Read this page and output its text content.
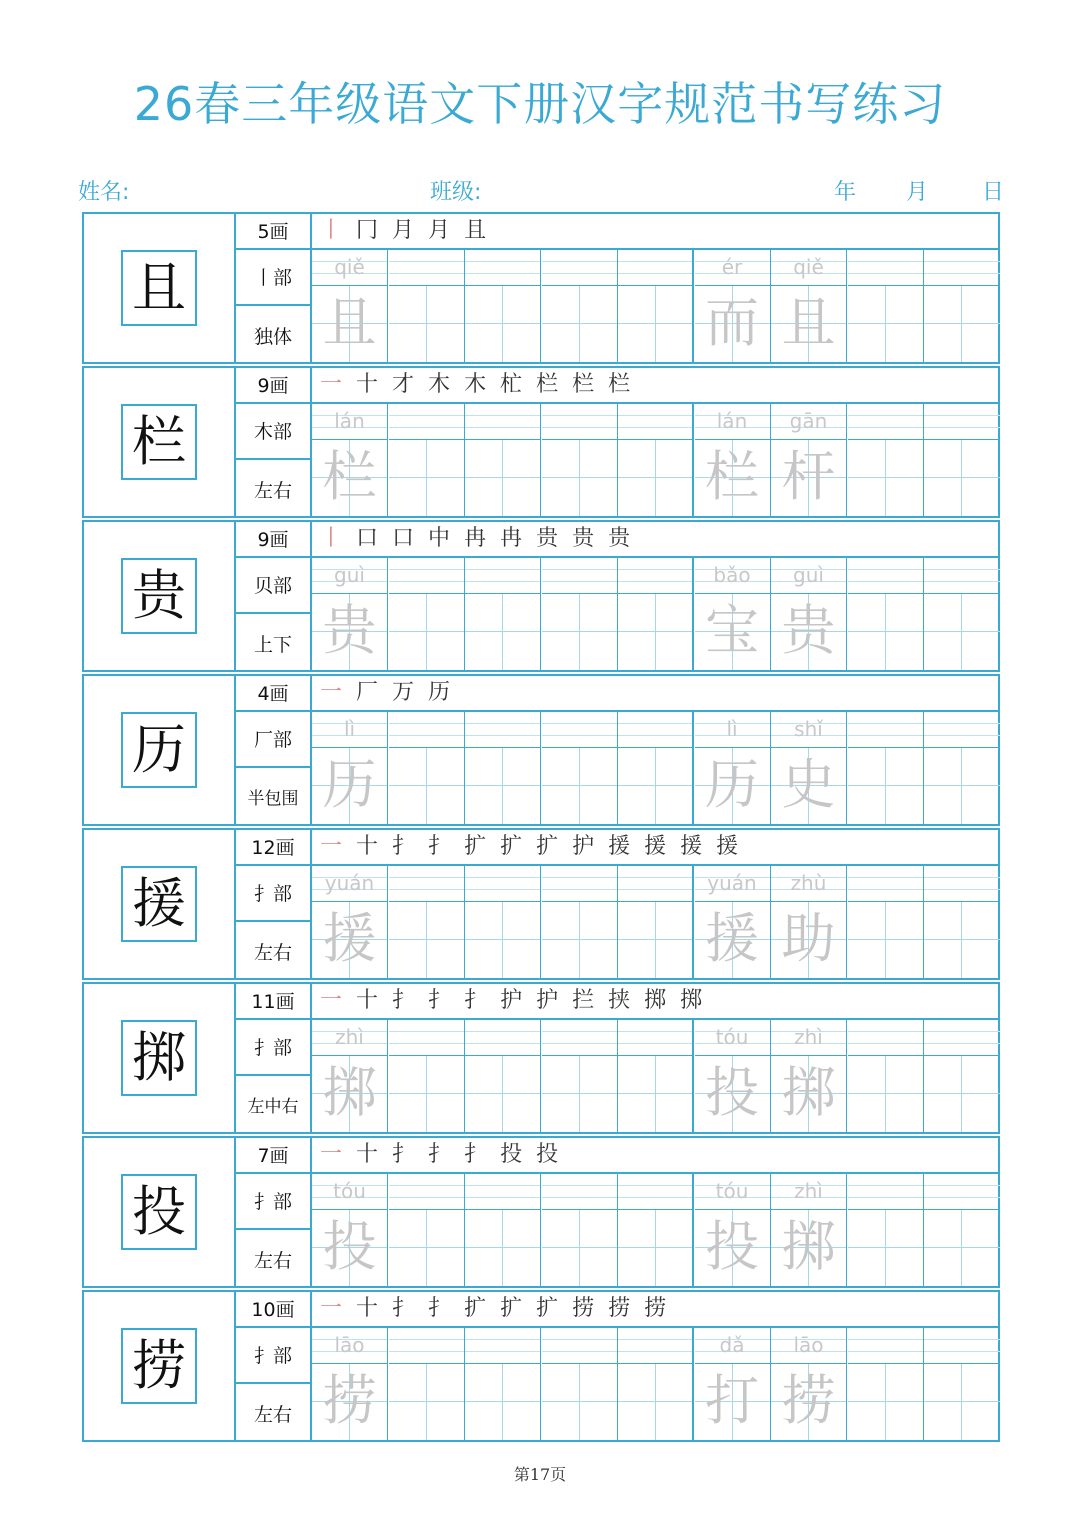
26春三年级语文下册汉字规范书写练习
姓名:	班级:	年 月 日
且
5画
丨部
独体
丨 冂 月 月 且
qiě
且
ér
而
qiě
且
栏
9画
木部
左右
一 十 才 木 木 杧 栏 栏 栏
lán
栏
lán
栏
gān
杆
贵
9画
贝部
上下
丨 口 口 中 冉 冉 贵 贵 贵
guì
贵
bǎo
宝
guì
贵
历
4画
厂部
半包围
一 厂 万 历
lì
历
lì
历
shǐ
史
援
12画
扌部
左右
一 十 扌 扌 扩 扩 扩 护 援 援 援 援
yuán
援
yuán
援
zhù
助
掷
11画
扌部
左中右
一 十 扌 扌 扌 护 护 拦 挟 掷 掷
zhì
掷
tóu
投
zhì
掷
投
7画
扌部
左右
一 十 扌 扌 扌 投 投
tóu
投
tóu
投
zhì
掷
捞
10画
扌部
左右
一 十 扌 扌 扩 扩 扩 捞 捞 捞
lāo
捞
dǎ
打
lāo
捞
第17页
